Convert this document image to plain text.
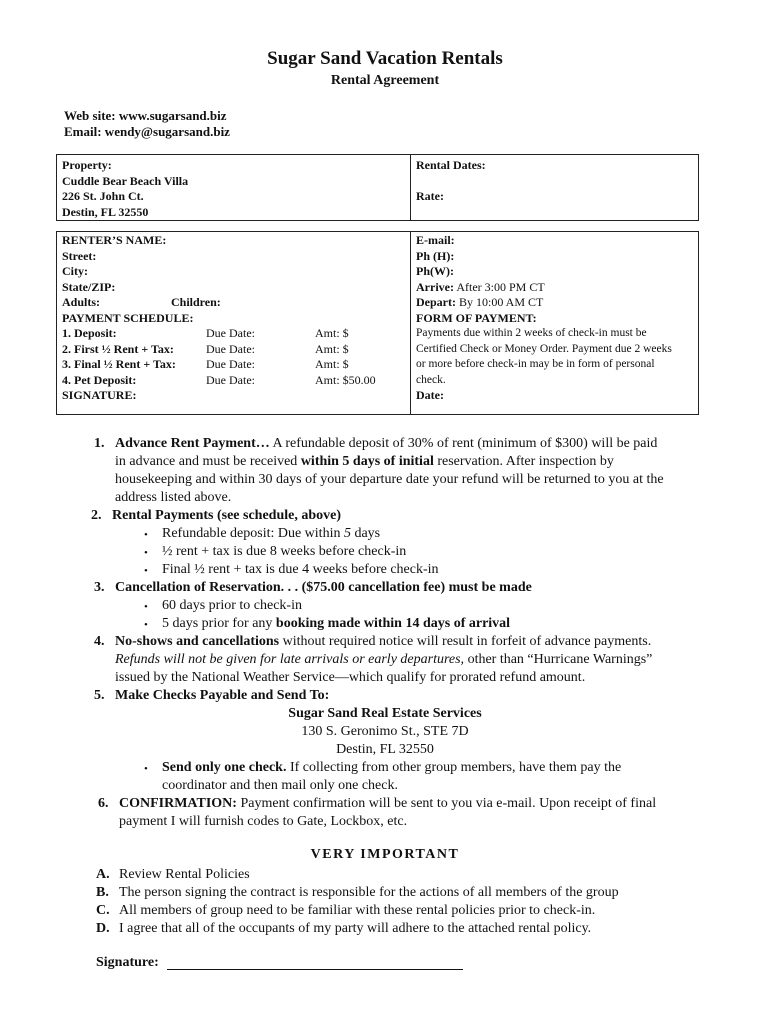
Sugar Sand Vacation Rentals
Rental Agreement
Web site: www.sugarsand.biz
Email: wendy@sugarsand.biz
Property:
Cuddle Bear Beach Villa
226 St. John Ct.
Destin, FL 32550

Rental Dates:
Rate:
RENTER’S NAME:
Street:
City:
State/ZIP:
Adults:	Children:
PAYMENT SCHEDULE:
1. Deposit:	Due Date:	Amt: $
2. First ½ Rent + Tax:	Due Date:	Amt: $
3. Final ½ Rent + Tax:	Due Date:	Amt: $
4. Pet Deposit:	Due Date:	Amt: $50.00
SIGNATURE:

E-mail:
Ph (H):
Ph(W):
Arrive: After 3:00 PM CT
Depart: By 10:00 AM CT
FORM OF PAYMENT:
Payments due within 2 weeks of check-in must be
Certified Check or Money Order. Payment due 2 weeks
or more before check-in may be in form of personal
check.
Date:
1. Advance Rent Payment… A refundable deposit of 30% of rent (minimum of $300) will be paid
in advance and must be received within 5 days of initial reservation. After inspection by
housekeeping and within 30 days of your departure date your refund will be returned to you at the
address listed above.
2. Rental Payments (see schedule, above)
• Refundable deposit: Due within 5 days
• ½ rent + tax is due 8 weeks before check-in
• Final ½ rent + tax is due 4 weeks before check-in
3. Cancellation of Reservation. . . ($75.00 cancellation fee) must be made
• 60 days prior to check-in
• 5 days prior for any booking made within 14 days of arrival
4. No-shows and cancellations without required notice will result in forfeit of advance payments.
Refunds will not be given for late arrivals or early departures, other than “Hurricane Warnings”
issued by the National Weather Service—which qualify for prorated refund amount.
5. Make Checks Payable and Send To:
Sugar Sand Real Estate Services
130 S. Geronimo St., STE 7D
Destin, FL 32550
• Send only one check. If collecting from other group members, have them pay the
coordinator and then mail only one check.
6. CONFIRMATION: Payment confirmation will be sent to you via e-mail. Upon receipt of final
payment I will furnish codes to Gate, Lockbox, etc.
VERY IMPORTANT
A. Review Rental Policies
B. The person signing the contract is responsible for the actions of all members of the group
C. All members of group need to be familiar with these rental policies prior to check-in.
D. I agree that all of the occupants of my party will adhere to the attached rental policy.
Signature:
